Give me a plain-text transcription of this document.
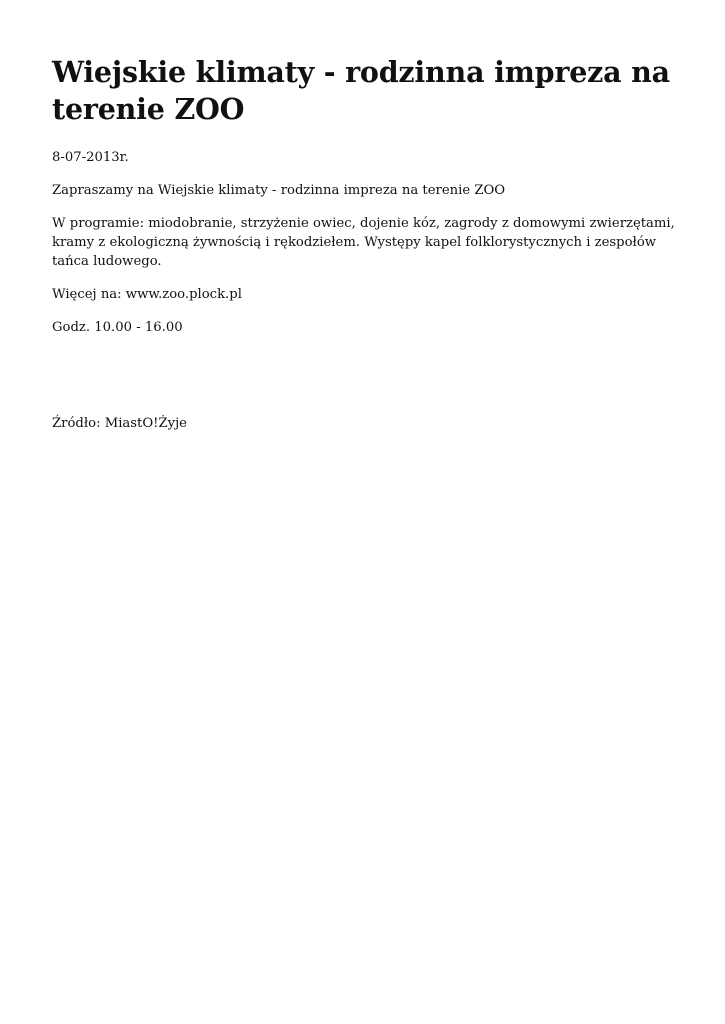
Wiejskie klimaty - rodzinna impreza na terenie ZOO

8-07-2013r.

Zapraszamy na Wiejskie klimaty - rodzinna impreza na terenie ZOO

W programie: miodobranie, strzyżenie owiec, dojenie kóz, zagrody z domowymi zwierzętami, kramy z ekologiczną żywnością i rękodziełem. Występy kapel folklorystycznych i zespołów tańca ludowego.

Więcej na: www.zoo.plock.pl

Godz. 10.00 - 16.00

Źródło: MiastO!Żyje
